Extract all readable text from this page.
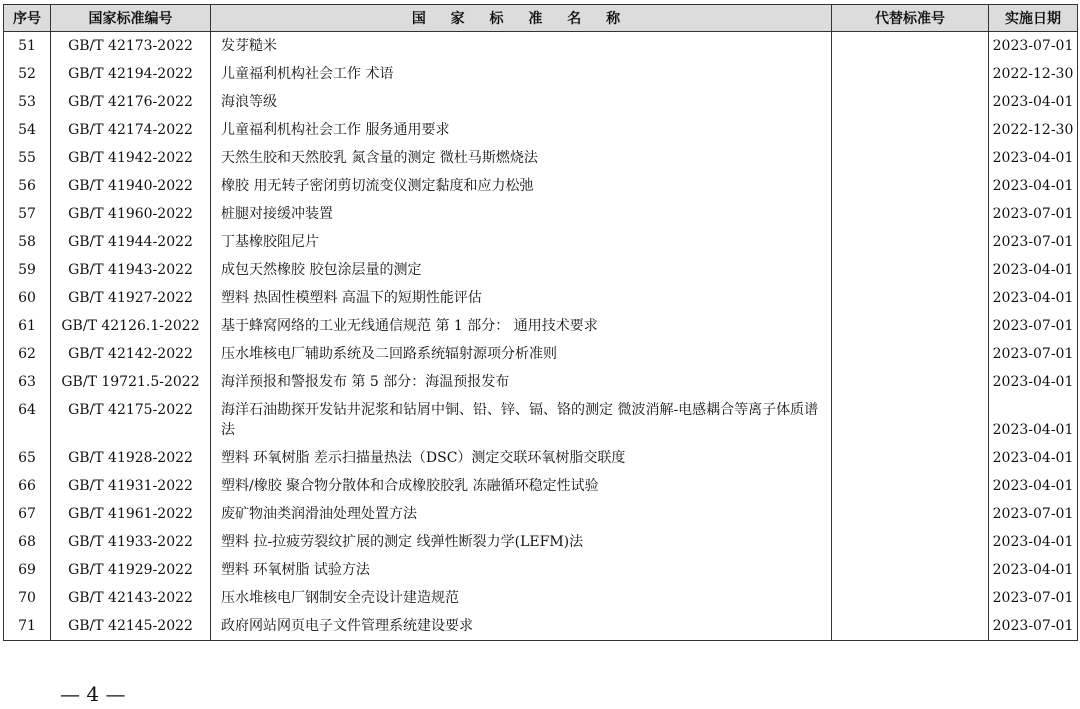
序号	国家标准编号	国 家 标 准 名 称	代替标准号	实施日期
51	GB/T 42173-2022	发芽糙米		2023-07-01
52	GB/T 42194-2022	儿童福利机构社会工作 术语		2022-12-30
53	GB/T 42176-2022	海浪等级		2023-04-01
54	GB/T 42174-2022	儿童福利机构社会工作 服务通用要求		2022-12-30
55	GB/T 41942-2022	天然生胶和天然胶乳 氮含量的测定 微杜马斯燃烧法		2023-04-01
56	GB/T 41940-2022	橡胶 用无转子密闭剪切流变仪测定黏度和应力松弛		2023-04-01
57	GB/T 41960-2022	桩腿对接缓冲装置		2023-07-01
58	GB/T 41944-2022	丁基橡胶阻尼片		2023-07-01
59	GB/T 41943-2022	成包天然橡胶 胶包涂层量的测定		2023-04-01
60	GB/T 41927-2022	塑料 热固性模塑料 高温下的短期性能评估		2023-04-01
61	GB/T 42126.1-2022	基于蜂窝网络的工业无线通信规范 第 1 部分： 通用技术要求		2023-07-01
62	GB/T 42142-2022	压水堆核电厂辅助系统及二回路系统辐射源项分析准则		2023-07-01
63	GB/T 19721.5-2022	海洋预报和警报发布 第 5 部分：海温预报发布		2023-04-01
64	GB/T 42175-2022	海洋石油勘探开发钻井泥浆和钻屑中铜、铅、锌、镉、铬的测定 微波消解-电感耦合等离子体质谱法		2023-04-01
65	GB/T 41928-2022	塑料 环氧树脂 差示扫描量热法（DSC）测定交联环氧树脂交联度		2023-04-01
66	GB/T 41931-2022	塑料/橡胶 聚合物分散体和合成橡胶胶乳 冻融循环稳定性试验		2023-04-01
67	GB/T 41961-2022	废矿物油类润滑油处理处置方法		2023-07-01
68	GB/T 41933-2022	塑料 拉-拉疲劳裂纹扩展的测定 线弹性断裂力学(LEFM)法		2023-04-01
69	GB/T 41929-2022	塑料 环氧树脂 试验方法		2023-04-01
70	GB/T 42143-2022	压水堆核电厂钢制安全壳设计建造规范		2023-07-01
71	GB/T 42145-2022	政府网站网页电子文件管理系统建设要求		2023-07-01
— 4 —
